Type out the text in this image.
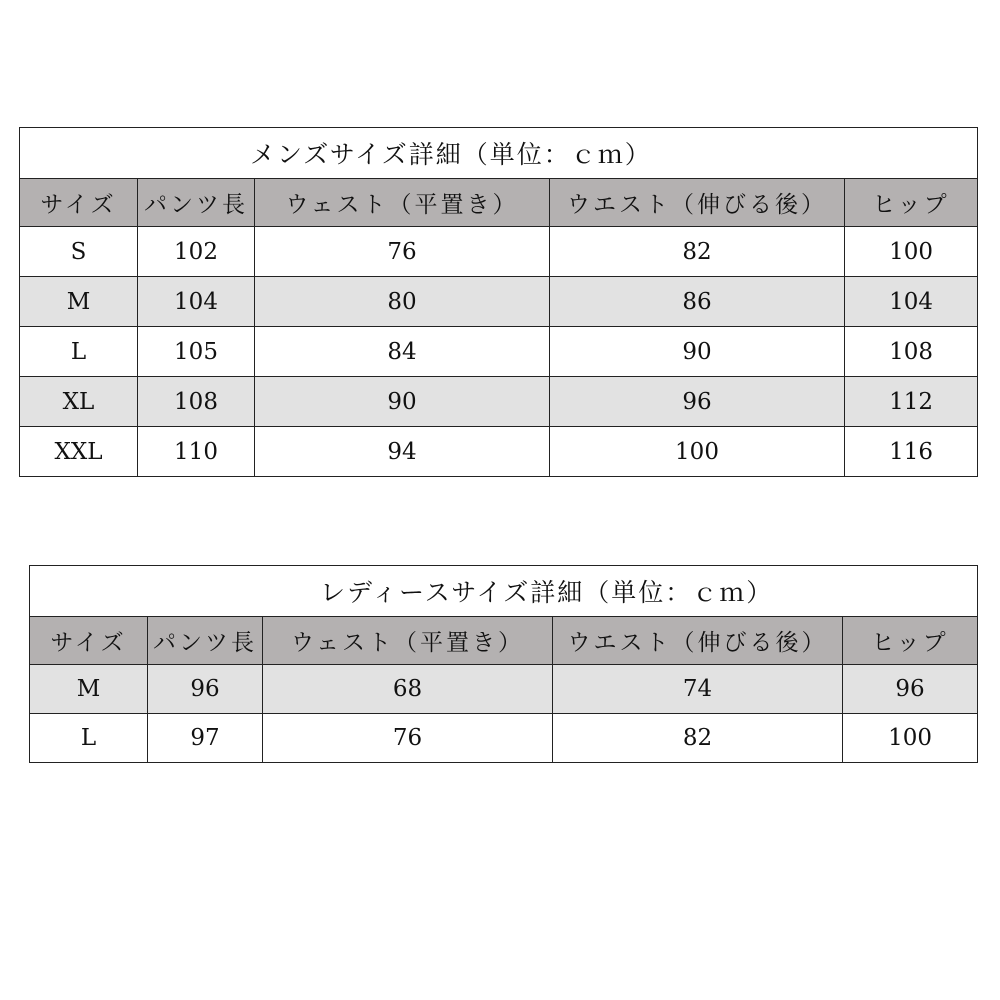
メンズサイズ詳細（単位：ｃｍ）				
サイズ	パンツ長	ウェスト（平置き）	ウエスト（伸びる後）	ヒップ
S	102	76	82	100
M	104	80	86	104
L	105	84	90	108
XL	108	90	96	112
XXL	110	94	100	116
レディースサイズ詳細（単位：ｃｍ）				
サイズ	パンツ長	ウェスト（平置き）	ウエスト（伸びる後）	ヒップ
M	96	68	74	96
L	97	76	82	100
